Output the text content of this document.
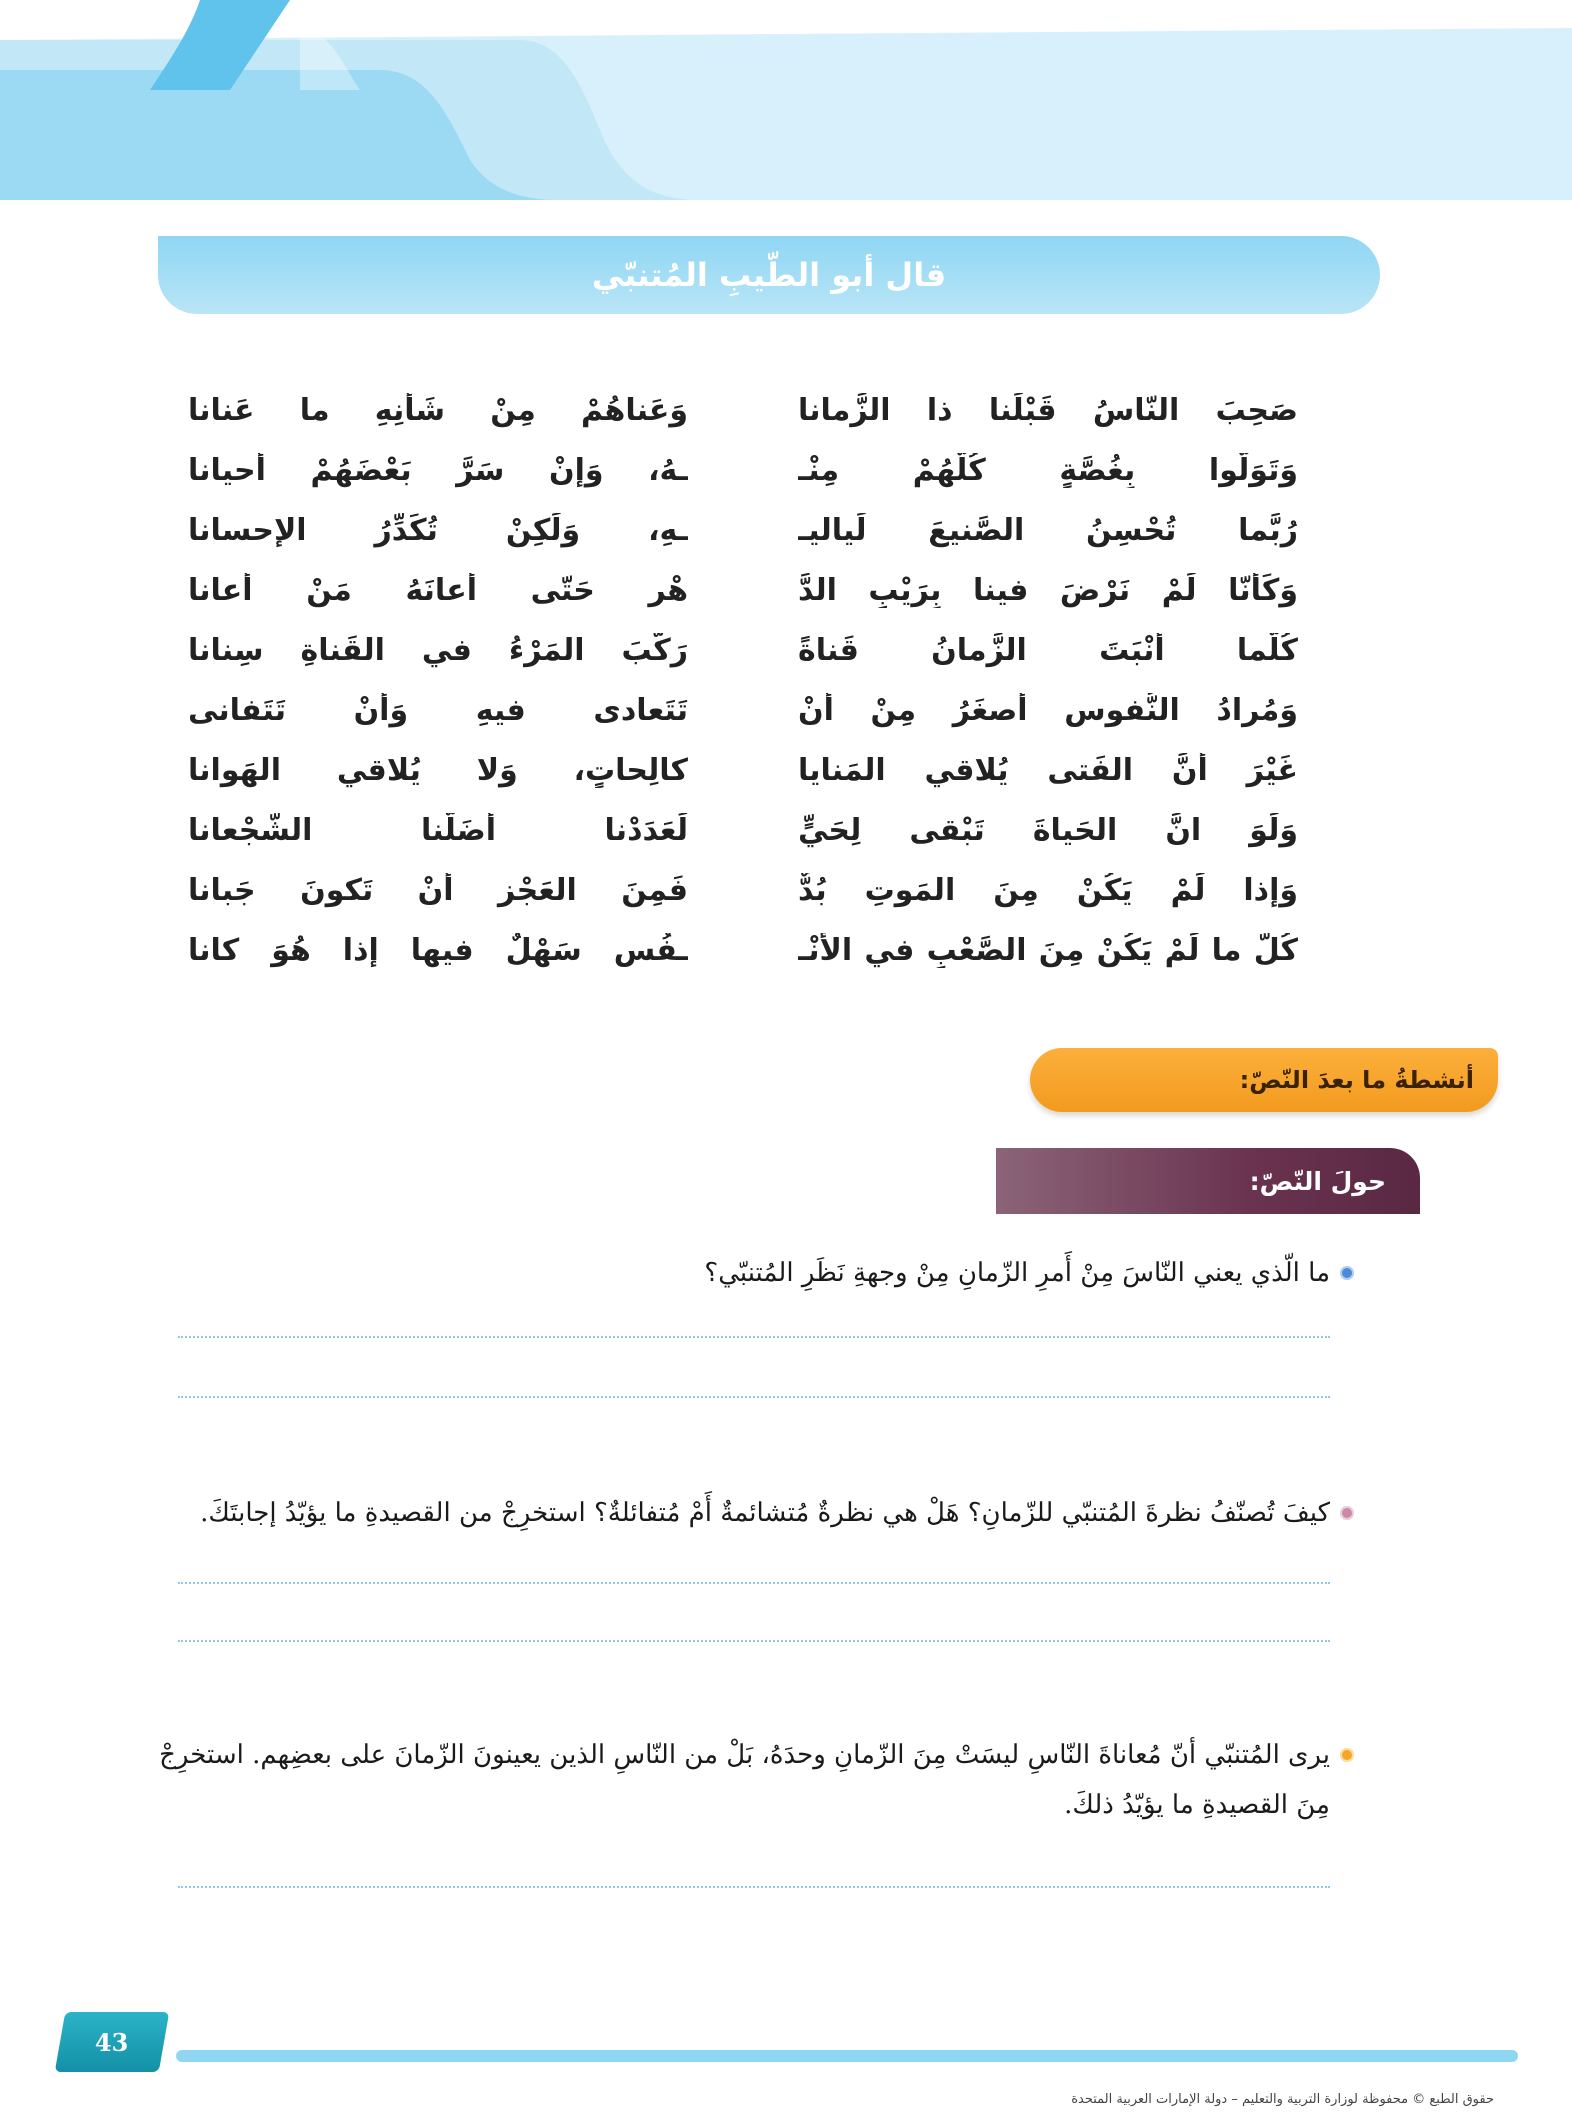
قال أبو الطّيبِ المُتنبّي
صَحِبَ النّاسُ قَبْلَنا ذا الزَّمانا
وَعَناهُمْ مِنْ شَأْنِهِ ما عَنانا
وَتَوَلَّوا بِغُصَّةٍ كُلُّهُمْ مِنْـ
ـهُ، وَإِنْ سَرَّ بَعْضَهُمْ أَحيانا
رُبَّما تُحْسِنُ الصَّنيعَ لَياليـ
ـهِ، وَلَكِنْ تُكَدِّرُ الإِحسانا
وَكَأَنّا لَمْ نَرْضَ فينا بِرَيْبِ الدَّ
هْرِ حَتّى أَعانَهُ مَنْ أَعانا
كُلَّما أَنْبَتَ الزَّمانُ قَناةً
رَكَّبَ المَرْءُ في القَناةِ سِنانا
وَمُرادُ النُّفوسِ أَصغَرُ مِنْ أَنْ
تَتَعادى فيهِ وَأَنْ تَتَفانى
غَيْرَ أَنَّ الفَتى يُلاقي المَنايا
كالِحاتٍ، وَلا يُلاقي الهَوانا
وَلَوَ انَّ الحَياةَ تَبْقى لِحَيٍّ
لَعَدَدْنا أَضَلَّنا الشُّجْعانا
وَإِذا لَمْ يَكُنْ مِنَ المَوتِ بُدٌّ
فَمِنَ العَجْزِ أَنْ تَكونَ جَبانا
كُلُّ ما لَمْ يَكُنْ مِنَ الصَّعْبِ في الأَنْـ
ـفُسِ سَهْلٌ فيها إِذا هُوَ كانا
أنشطةُ ما بعدَ النّصّ:
حولَ النّصّ:
ما الّذي يعني النّاسَ مِنْ أَمرِ الزّمانِ مِنْ وجهةِ نَظَرِ المُتنبّي؟
كيفَ تُصنّفُ نظرةَ المُتنبّي للزّمانِ؟ هَلْ هي نظرةٌ مُتشائمةٌ أَمْ مُتفائلةٌ؟ استخرِجْ من القصيدةِ ما يؤيّدُ إجابتَكَ.
يرى المُتنبّي أنّ مُعاناةَ النّاسِ ليسَتْ مِنَ الزّمانِ وحدَهُ، بَلْ من النّاسِ الذين يعينونَ الزّمانَ على بعضِهم. استخرِجْ مِنَ القصيدةِ ما يؤيّدُ ذلكَ.
43
حقوق الطبع © محفوظة لوزارة التربية والتعليم – دولة الإمارات العربية المتحدة
